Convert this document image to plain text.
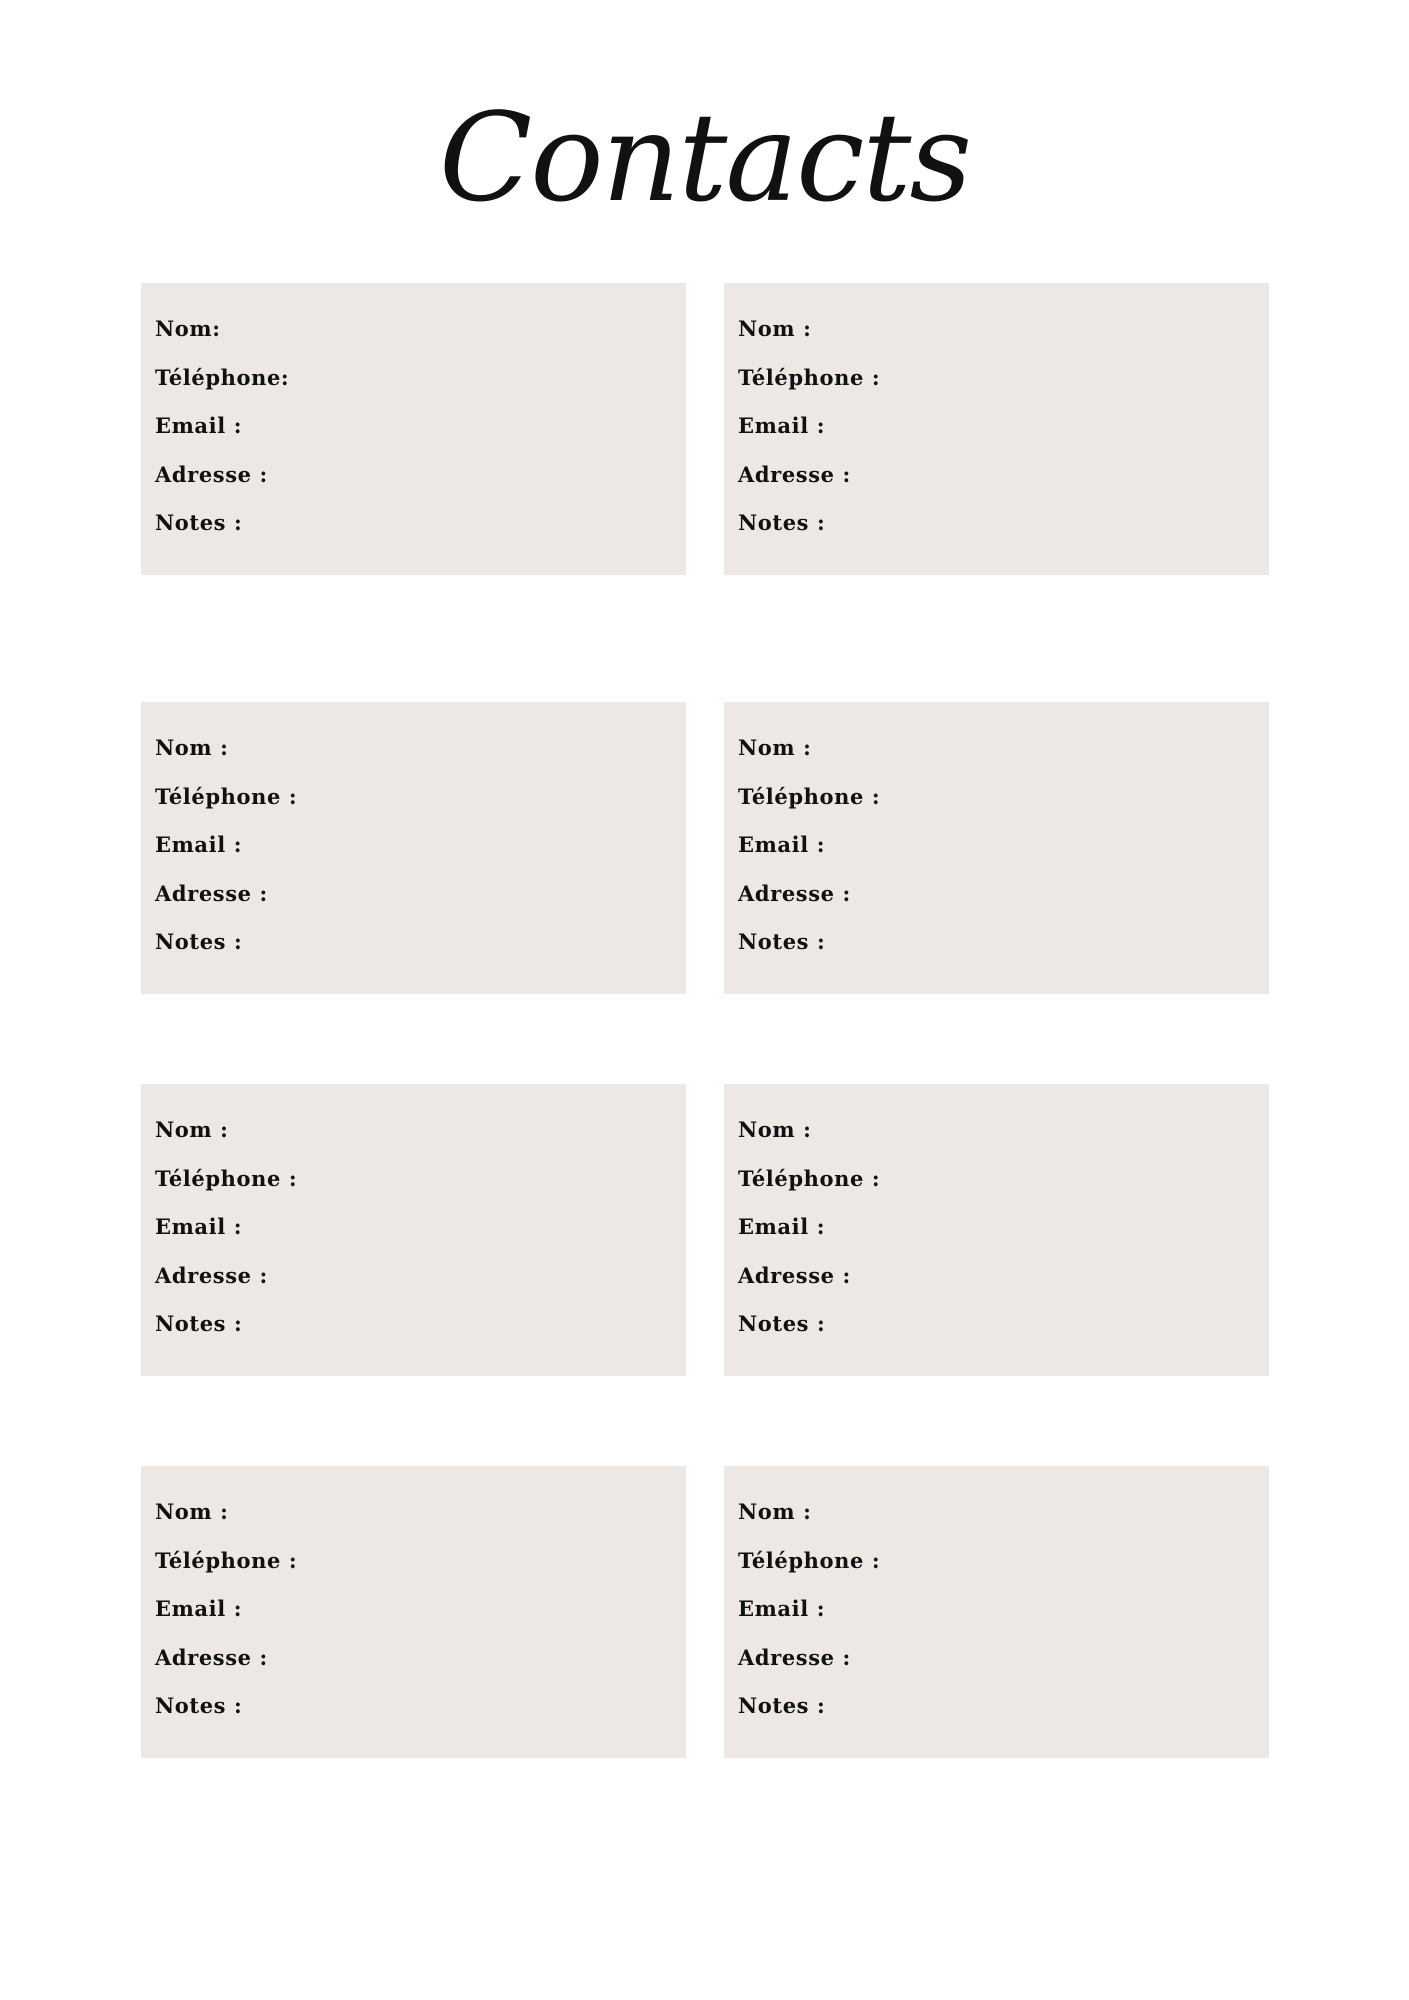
Contacts
Nom:
Téléphone:
Email :
Adresse :
Notes :
Nom :
Téléphone :
Email :
Adresse :
Notes :
Nom :
Téléphone :
Email :
Adresse :
Notes :
Nom :
Téléphone :
Email :
Adresse :
Notes :
Nom :
Téléphone :
Email :
Adresse :
Notes :
Nom :
Téléphone :
Email :
Adresse :
Notes :
Nom :
Téléphone :
Email :
Adresse :
Notes :
Nom :
Téléphone :
Email :
Adresse :
Notes :
